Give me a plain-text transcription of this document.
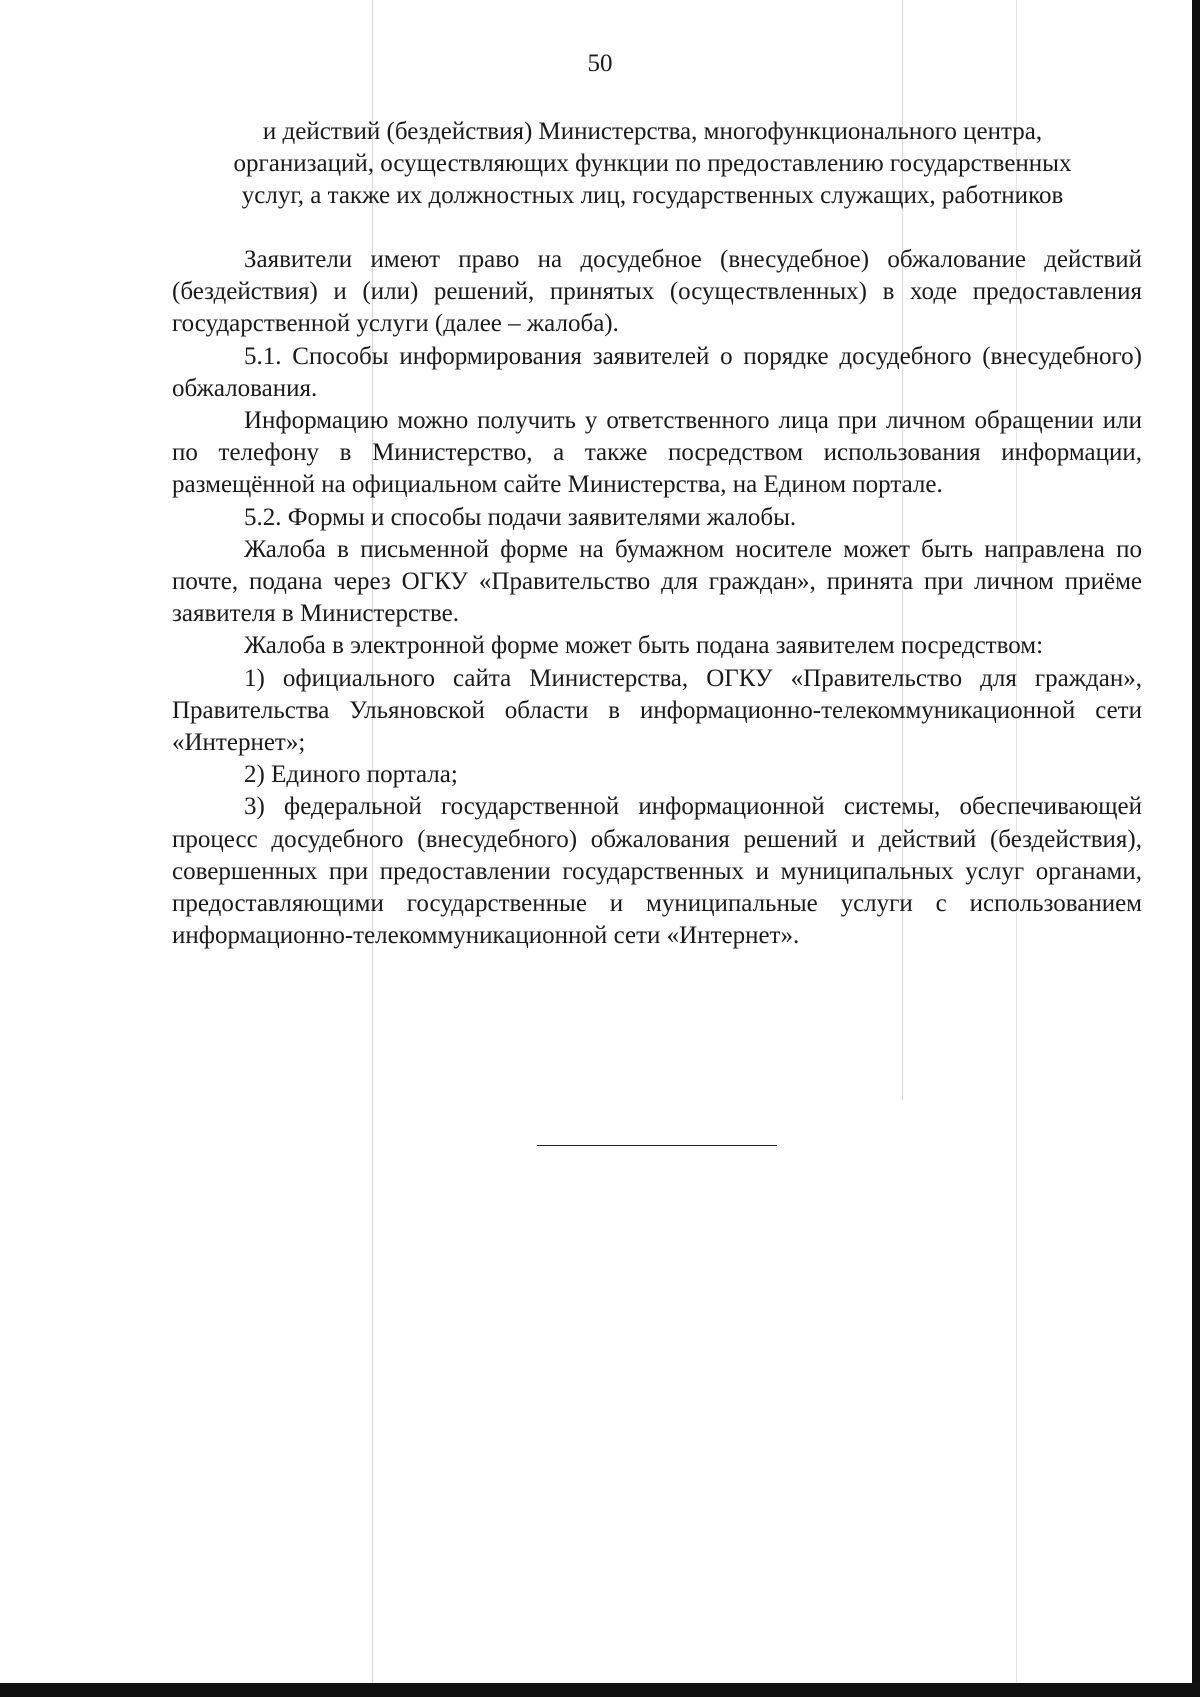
50
и действий (бездействия) Министерства, многофункционального центра,
организаций, осуществляющих функции по предоставлению государственных
услуг, а также их должностных лиц, государственных служащих, работников

Заявители имеют право на досудебное (внесудебное) обжалование действий (бездействия) и (или) решений, принятых (осуществленных) в ходе предоставления государственной услуги (далее – жалоба).

5.1. Способы информирования заявителей о порядке досудебного (внесудебного) обжалования.

Информацию можно получить у ответственного лица при личном обращении или по телефону в Министерство, а также посредством использования информации, размещённой на официальном сайте Министерства, на Едином портале.

5.2. Формы и способы подачи заявителями жалобы.

Жалоба в письменной форме на бумажном носителе может быть направлена по почте, подана через ОГКУ «Правительство для граждан», принята при личном приёме заявителя в Министерстве.

Жалоба в электронной форме может быть подана заявителем посредством:

1) официального сайта Министерства, ОГКУ «Правительство для граждан», Правительства Ульяновской области в информационно-телекоммуникационной сети «Интернет»;

2) Единого портала;

3) федеральной государственной информационной системы, обеспечивающей процесс досудебного (внесудебного) обжалования решений и действий (бездействия), совершенных при предоставлении государственных и муниципальных услуг органами, предоставляющими государственные и муниципальные услуги с использованием информационно-телекоммуникационной сети «Интернет».
